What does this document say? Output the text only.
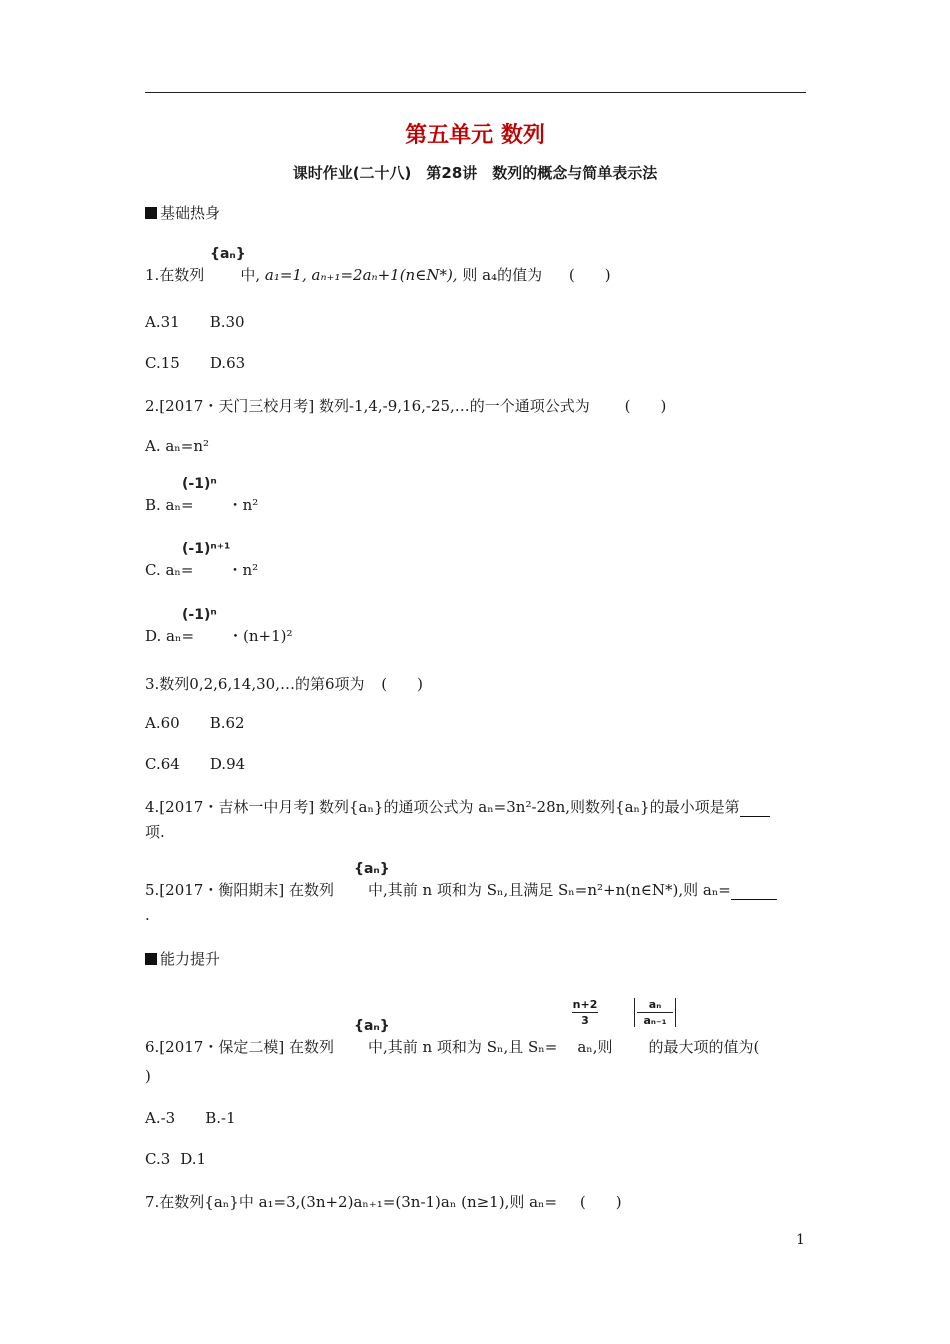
第五单元 数列
课时作业(二十八)　第28讲　数列的概念与简单表示法
基础热身
{aₙ}
1.在数列 中, a₁=1, aₙ₊₁=2aₙ+1(n∈N*), 则 a₄的值为 (　　)
A.31 B.30
C.15 D.63
2.[2017・天门三校月考] 数列-1,4,-9,16,-25,…的一个通项公式为 (　　)
A. aₙ=n²
(-1)ⁿ
B. aₙ= ・n²
(-1)ⁿ⁺¹
C. aₙ= ・n²
(-1)ⁿ
D. aₙ= ・(n+1)²
3.数列0,2,6,14,30,…的第6项为 (　　)
A.60 B.62
C.64 D.94
4.[2017・吉林一中月考] 数列{aₙ}的通项公式为 aₙ=3n²-28n,则数列{aₙ}的最小项是第
项.
{aₙ}
5.[2017・衡阳期末] 在数列 中,其前 n 项和为 Sₙ,且满足 Sₙ=n²+n(n∈N*),则 aₙ=
.
能力提升
{aₙ}
n+2
3
aₙ
aₙ₋₁
6.[2017・保定二模] 在数列 中,其前 n 项和为 Sₙ,且 Sₙ= aₙ,则 的最大项的值为(
)
A.-3 B.-1
C.3 D.1
7.在数列{aₙ}中 a₁=3,(3n+2)aₙ₊₁=(3n-1)aₙ (n≥1),则 aₙ= (　　)
1
